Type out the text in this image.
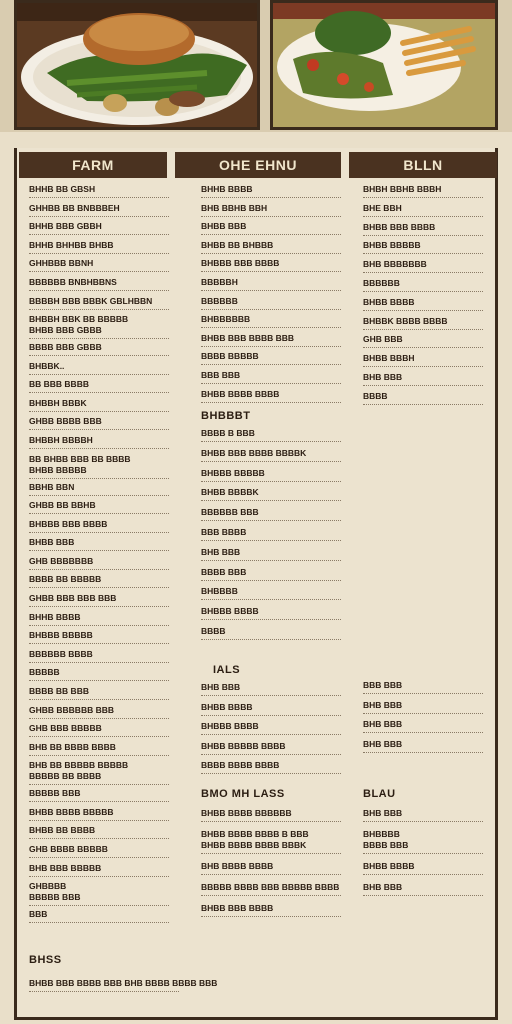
FARM	OHE EHNU	BLLN
BHHB BB GBSH
GHHBB BB BNBBBEH
BHHB BBB GBBH
BHHB BHHBB BHBB
GHHBBB BBNH
BBBBBB BNBHBBNS
BBBBH BBB BBBK GBLHBBN
BHBBH BBK BB BBBBB
BHBB BBB GBBB
BBBB BBB GBBB
BHBBK..
BB BBB BBBB
BHBBH BBBK
GHBB BBBB BBB
BHBBH BBBBH
BB BHBB BBB BB BBBB
BHBB BBBBB
BBHB BBN
GHBB BB BBHB
BHBBB BBB BBBB
BHBB BBB
GHB BBBBBBB
BBBB BB BBBBB
GHBB BBB BBB BBB
BHHB BBBB
BHBBB BBBBB
BBBBBB BBBB
BBBBB
BBBB BB BBB
GHBB BBBBBB BBB
GHB BBB BBBBB
BHB BB BBBB BBBB
BHB BB BBBBB BBBBB
BBBBB BB BBBB
BBBBB BBB
BHBB BBBB BBBBB
BHBB BB BBBB
GHB BBBB BBBBB
BHB BBB BBBBB
GHBBBB
BBBBB BBB
BBB
BHSS
BHBB BBB BBBB BBB BHB BBBB BBBB BBB
BHHB BBBB
BHB BBHB BBH
BHBB BBB
BHBB BB BHBBB
BHBBB BBB BBBB
BBBBBH
BBBBBB
BHBBBBBB
BHBB BBB BBBB BBB
BBBB BBBBB
BBB BBB
BHBB BBBB BBBB
BHBBBT
BBBB B BBB
BHBB BBB BBBB BBBBK
BHBBB BBBBB
BHBB BBBBK
BBBBBB BBB
BBB BBBB
BHB BBB
BBBB BBB
BHBBBB
BHBBB BBBB
BBBB
IALS
BHB BBB
BHBB BBBB
BHBBB BBBB
BHBB BBBBB BBBB
BBBB BBBB BBBB
BMO MH LASS
BHBB BBBB BBBBBB
BHBB BBBB BBBB B BBB
BHBB BBBB BBBB BBBK
BHB BBBB BBBB
BBBBB BBBB BBB BBBBB BBBB
BHBB BBB BBBB
BHBH BBHB BBBH
BHE BBH
BHBB BBB BBBB
BHBB BBBBB
BHB BBBBBBB
BBBBBB
BHBB BBBB
BHBBK BBBB BBBB
GHB BBB
BHBB BBBH
BHB BBB
BBBB
BBB BBB
BHB BBB
BHB BBB
BHB BBB
BLAU
BHB BBB
BHBBBB
BBBB BBB
BHBB BBBB
BHB BBB
